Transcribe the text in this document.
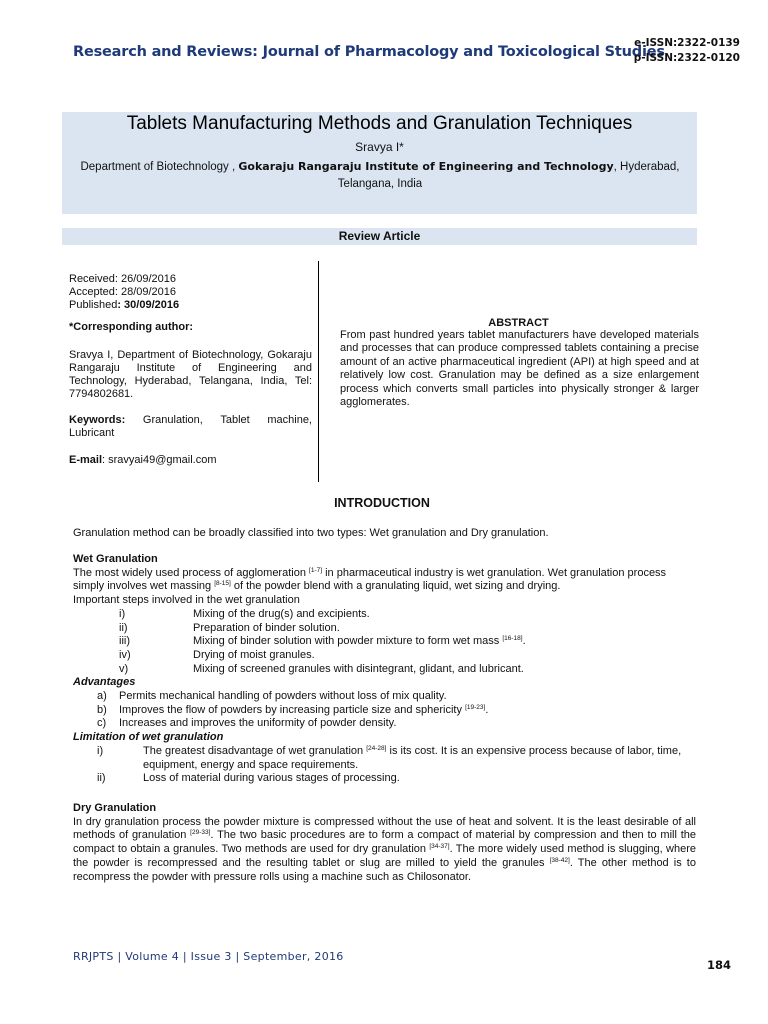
Research and Reviews: Journal of Pharmacology and Toxicological Studies
e-ISSN:2322-0139
p-ISSN:2322-0120
Tablets Manufacturing Methods and Granulation Techniques
Sravya I*
Department of Biotechnology , Gokaraju Rangaraju Institute of Engineering and Technology, Hyderabad, Telangana, India
Review Article

Received: 26/09/2016

Accepted: 28/09/2016

Published: 30/09/2016

*Corresponding author:

Sravya I, Department of Biotechnology, Gokaraju Rangaraju Institute of Engineering and Technology, Hyderabad, Telangana, India, Tel: 7794802681.

Keywords: Granulation, Tablet machine, Lubricant

E-mail: sravyai49@gmail.com

ABSTRACT
From past hundred years tablet manufacturers have developed materials and processes that can produce compressed tablets containing a precise amount of an active pharmaceutical ingredient (API) at high speed and at relatively low cost. Granulation may be defined as a size enlargement process which converts small particles into physically stronger & larger agglomerates.
INTRODUCTION
Granulation method can be broadly classified into two types: Wet granulation and Dry granulation.

Wet Granulation

The most widely used process of agglomeration [1-7] in pharmaceutical industry is wet granulation. Wet granulation process simply involves wet massing [8-15] of the powder blend with a granulating liquid, wet sizing and drying.

Important steps involved in the wet granulation

i)	Mixing of the drug(s) and excipients.
ii)	Preparation of binder solution.
iii)	Mixing of binder solution with powder mixture to form wet mass [16-18].
iv)	Drying of moist granules.
v)	Mixing of screened granules with disintegrant, glidant, and lubricant.

Advantages

a)	Permits mechanical handling of powders without loss of mix quality.
b)	Improves the flow of powders by increasing particle size and sphericity [19-23].
c)	Increases and improves the uniformity of powder density.

Limitation of wet granulation

i)	The greatest disadvantage of wet granulation [24-28] is its cost. It is an expensive process because of labor, time, equipment, energy and space requirements.
ii)	Loss of material during various stages of processing.

Dry Granulation

In dry granulation process the powder mixture is compressed without the use of heat and solvent. It is the least desirable of all methods of granulation [29-33]. The two basic procedures are to form a compact of material by compression and then to mill the compact to obtain a granules. Two methods are used for dry granulation [34-37]. The more widely used method is slugging, where the powder is recompressed and the resulting tablet or slug are milled to yield the granules [38-42]. The other method is to recompress the powder with pressure rolls using a machine such as Chilosonator.

RRJPTS | Volume 4 | Issue 3 | September, 2016
184
